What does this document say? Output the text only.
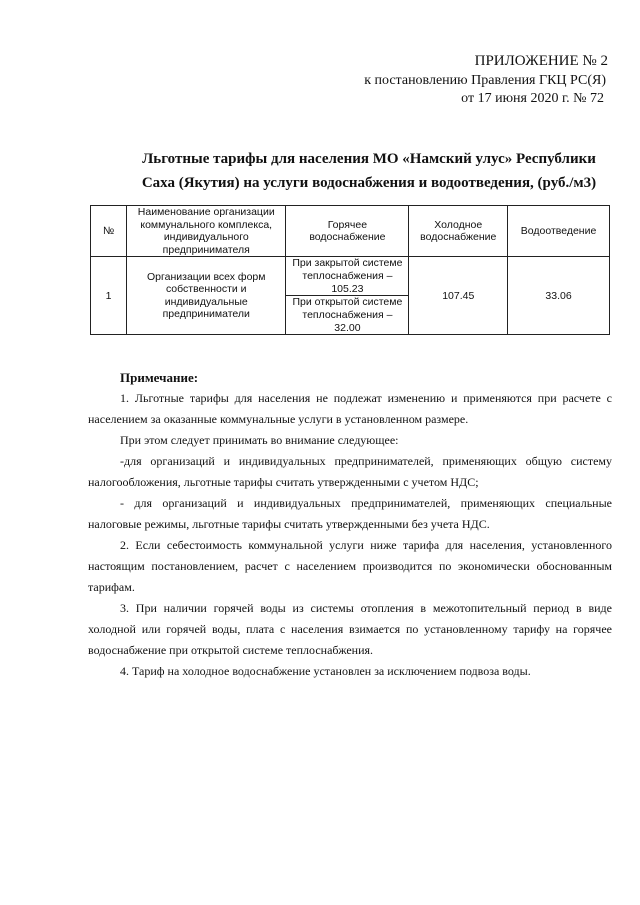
ПРИЛОЖЕНИЕ № 2
к постановлению Правления ГКЦ РС(Я)
от 17 июня 2020 г. № 72
Льготные тарифы для населения МО «Намский улус» Республики
Саха (Якутия) на услуги водоснабжения и водоотведения, (руб./м3)
№	Наименование организации коммунального комплекса, индивидуального предпринимателя	Горячее водоснабжение	Холодное водоснабжение	Водоотведение
1	Организации всех форм собственности и индивидуальные предприниматели	При закрытой системе теплоснабжения – 105.23	107.45	33.06
		При открытой системе теплоснабжения – 32.00		

Примечание:

1. Льготные тарифы для населения не подлежат изменению и применяются при расчете с населением за оказанные коммунальные услуги в установленном размере.

При этом следует принимать во внимание следующее:

-для организаций и индивидуальных предпринимателей, применяющих общую систему налогообложения, льготные тарифы считать утвержденными с учетом НДС;

- для организаций и индивидуальных предпринимателей, применяющих специальные налоговые режимы, льготные тарифы считать утвержденными без учета НДС.

2. Если себестоимость коммунальной услуги ниже тарифа для населения, установленного настоящим постановлением, расчет с населением производится по экономически обоснованным тарифам.

3. При наличии горячей воды из системы отопления в межотопительный период в виде холодной или горячей воды, плата с населения взимается по установленному тарифу на горячее водоснабжение при открытой системе теплоснабжения.

4. Тариф на холодное водоснабжение установлен за исключением подвоза воды.
